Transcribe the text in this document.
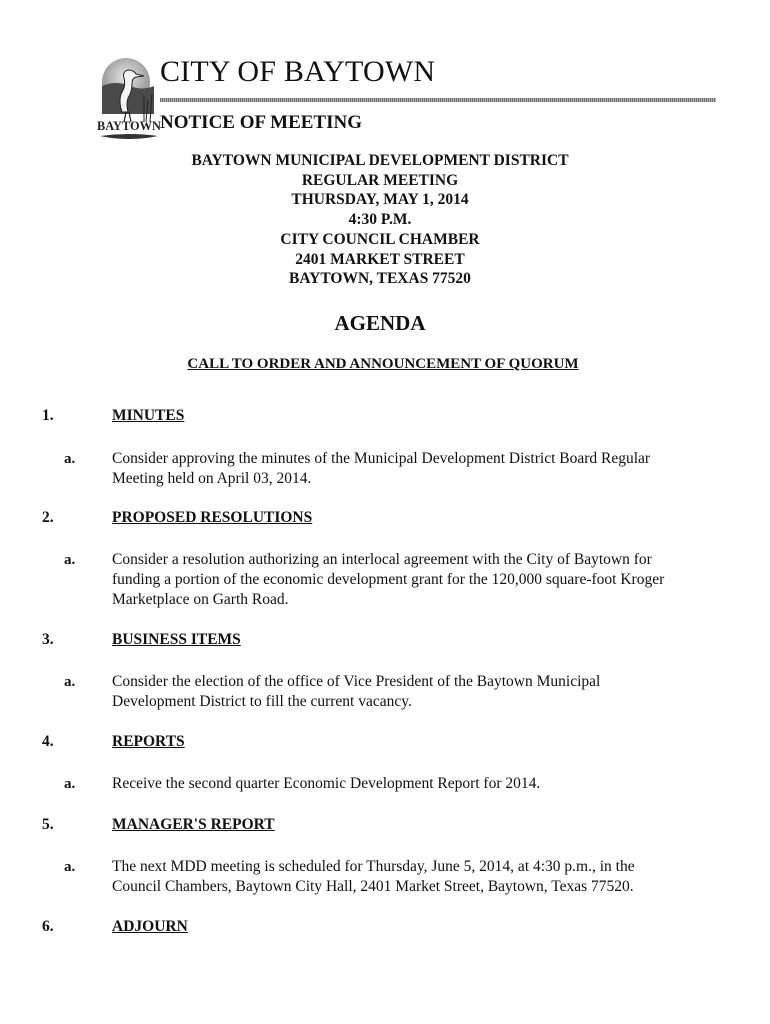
BAYTOWN
CITY OF BAYTOWN
NOTICE OF MEETING
BAYTOWN MUNICIPAL DEVELOPMENT DISTRICT
REGULAR MEETING
THURSDAY, MAY 1, 2014
4:30 P.M.
CITY COUNCIL CHAMBER
2401 MARKET STREET
BAYTOWN, TEXAS 77520
AGENDA
CALL TO ORDER AND ANNOUNCEMENT OF QUORUM
1.	MINUTES
a. Consider approving the minutes of the Municipal Development District Board Regular
Meeting held on April 03, 2014.
2.	PROPOSED RESOLUTIONS
a. Consider a resolution authorizing an interlocal agreement with the City of Baytown for
funding a portion of the economic development grant for the 120,000 square-foot Kroger
Marketplace on Garth Road.
3.	BUSINESS ITEMS
a. Consider the election of the office of Vice President of the Baytown Municipal
Development District to fill the current vacancy.
4.	REPORTS
a. Receive the second quarter Economic Development Report for 2014.
5.	MANAGER'S REPORT
a. The next MDD meeting is scheduled for Thursday, June 5, 2014, at 4:30 p.m., in the
Council Chambers, Baytown City Hall, 2401 Market Street, Baytown, Texas 77520.
6.	ADJOURN
